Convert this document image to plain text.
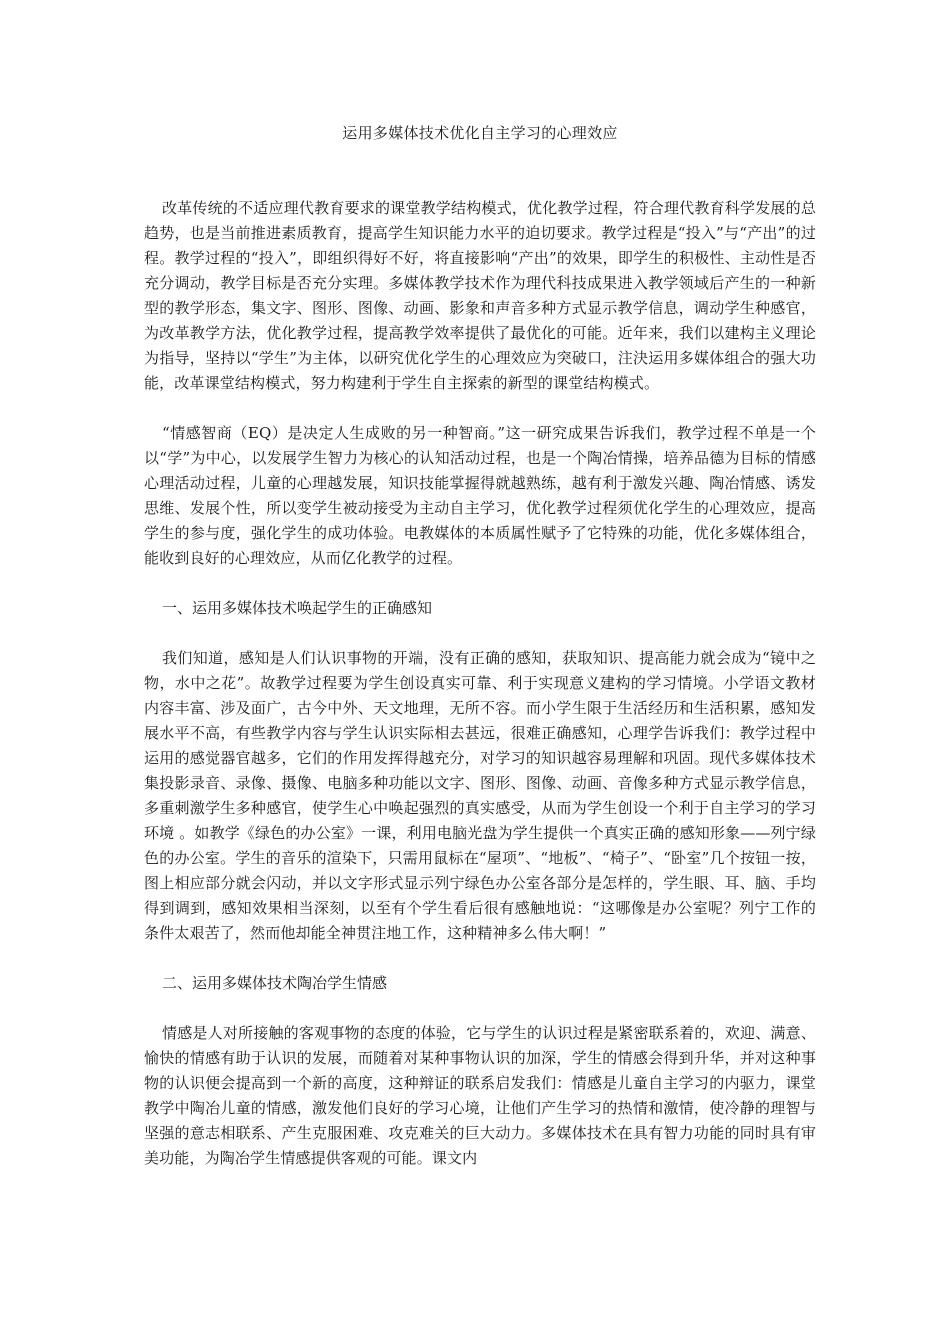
运用多媒体技术优化自主学习的心理效应

改革传统的不适应理代教育要求的课堂教学结构模式，优化教学过程，符合理代教育科学发展的总趋势，也是当前推进素质教育，提高学生知识能力水平的迫切要求。教学过程是“投入”与“产出”的过程。教学过程的“投入”，即组织得好不好，将直接影响“产出”的效果，即学生的积极性、主动性是否充分调动，教学目标是否充分实理。多媒体教学技术作为理代科技成果进入教学领域后产生的一种新型的教学形态，集文字、图形、图像、动画、影象和声音多种方式显示教学信息，调动学生种感官，为改革教学方法，优化教学过程，提高教学效率提供了最优化的可能。近年来，我们以建构主义理论为指导，坚持以“学生”为主体，以研究优化学生的心理效应为突破口，注決运用多媒体组合的强大功能，改革课堂结构模式，努力构建利于学生自主探索的新型的课堂结构模式。

“情感智商（EQ）是决定人生成败的另一种智商。”这一研究成果告诉我们，教学过程不单是一个以“学”为中心，以发展学生智力为核心的认知活动过程，也是一个陶冶情操，培养品德为目标的情感心理活动过程，儿童的心理越发展，知识技能掌握得就越熟练，越有利于激发兴趣、陶冶情感、诱发思维、发展个性，所以变学生被动接受为主动自主学习，优化教学过程须优化学生的心理效应，提高学生的参与度，强化学生的成功体验。电教媒体的本质属性赋予了它特殊的功能，优化多媒体组合，能收到良好的心理效应，从而亿化教学的过程。

一、运用多媒体技术唤起学生的正确感知

我们知道，感知是人们认识事物的开端，没有正确的感知，获取知识、提高能力就会成为“镜中之物，水中之花”。故教学过程要为学生创设真实可靠、利于实现意义建构的学习情境。小学语文教材内容丰富、涉及面广，古今中外、天文地理，无所不容。而小学生限于生活经历和生活积累，感知发展水平不高，有些教学内容与学生认识实际相去甚远，很难正确感知，心理学告诉我们：教学过程中运用的感觉器官越多，它们的作用发挥得越充分，对学习的知识越容易理解和巩固。现代多媒体技术集投影录音、录像、摄像、电脑多种功能以文字、图形、图像、动画、音像多种方式显示教学信息，多重刺激学生多种感官，使学生心中唤起强烈的真实感受，从而为学生创设一个利于自主学习的学习环境 。如教学《绿色的办公室》一课，利用电脑光盘为学生提供一个真实正确的感知形象——列宁绿色的办公室。学生的音乐的渲染下，只需用鼠标在“屋项”、“地板”、“椅子”、“卧室”几个按钮一按，图上相应部分就会闪动，并以文字形式显示列宁绿色办公室各部分是怎样的，学生眼、耳、脑、手均得到调到，感知效果相当深刻，以至有个学生看后很有感触地说：“这哪像是办公室呢？列宁工作的条件太艰苦了，然而他却能全神贯注地工作，这种精神多么伟大啊！”

二、运用多媒体技术陶冶学生情感

情感是人对所接触的客观事物的态度的体验，它与学生的认识过程是紧密联系着的，欢迎、满意、愉快的情感有助于认识的发展，而随着对某种事物认识的加深，学生的情感会得到升华，并对这种事物的认识便会提高到一个新的高度，这种辩证的联系启发我们：情感是儿童自主学习的内驱力，课堂教学中陶冶儿童的情感，激发他们良好的学习心境，让他们产生学习的热情和激情，使冷静的理智与坚强的意志相联系、产生克服困难、攻克难关的巨大动力。多媒体技术在具有智力功能的同时具有审美功能，为陶冶学生情感提供客观的可能。课文内
